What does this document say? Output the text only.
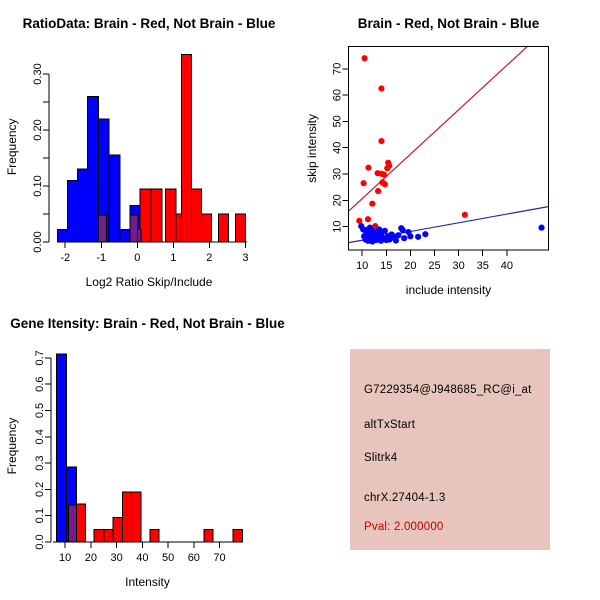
RatioData: Brain - Red, Not Brain - Blue
-2 -1	0	1	2	3
0.00
0.10
0.20
0.30
Log2 Ratio Skip/Include
Frequency
Brain - Red, Not Brain - Blue
10 15 20 25 30 35 40
10
20
30
40
50
60
70
include intensity
skip intensity
Gene Itensity: Brain - Red, Not Brain - Blue
10 20 30 40 50 60 70
0.0
0.1
0.2
0.3
0.4
0.5
0.6
0.7
Intensity
Frequency
G7229354@J948685_RC@i_at
altTxStart
Slitrk4
chrX.27404-1.3
Pval: 2.000000
